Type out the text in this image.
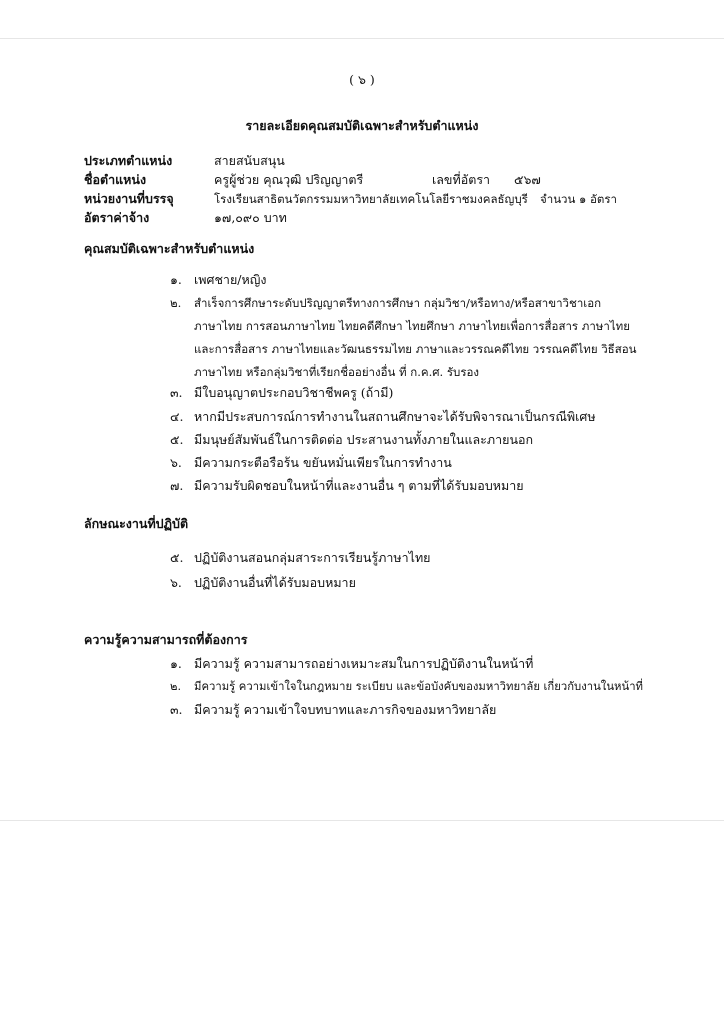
( ๖ )
รายละเอียดคุณสมบัติเฉพาะสำหรับตำแหน่ง
ประเภทตำแหน่ง	สายสนับสนุน
ชื่อตำแหน่ง	ครูผู้ช่วย คุณวุฒิ ปริญญาตรี	เลขที่อัตรา ๕๖๗
หน่วยงานที่บรรจุ	โรงเรียนสาธิตนวัตกรรมมหาวิทยาลัยเทคโนโลยีราชมงคลธัญบุรี จำนวน ๑ อัตรา
อัตราค่าจ้าง	๑๗,๐๙๐ บาท
คุณสมบัติเฉพาะสำหรับตำแหน่ง
๑. เพศชาย/หญิง
๒. สำเร็จการศึกษาระดับปริญญาตรีทางการศึกษา กลุ่มวิชา/หรือทาง/หรือสาขาวิชาเอก
ภาษาไทย การสอนภาษาไทย ไทยคดีศึกษา ไทยศึกษา ภาษาไทยเพื่อการสื่อสาร ภาษาไทย
และการสื่อสาร ภาษาไทยและวัฒนธรรมไทย ภาษาและวรรณคดีไทย วรรณคดีไทย วิธีสอน
ภาษาไทย หรือกลุ่มวิชาที่เรียกชื่ออย่างอื่น ที่ ก.ค.ศ. รับรอง
๓. มีใบอนุญาตประกอบวิชาชีพครู (ถ้ามี)
๔. หากมีประสบการณ์การทำงานในสถานศึกษาจะได้รับพิจารณาเป็นกรณีพิเศษ
๕. มีมนุษย์สัมพันธ์ในการติดต่อ ประสานงานทั้งภายในและภายนอก
๖. มีความกระตือรือร้น ขยันหมั่นเพียรในการทำงาน
๗. มีความรับผิดชอบในหน้าที่และงานอื่น ๆ ตามที่ได้รับมอบหมาย
ลักษณะงานที่ปฏิบัติ
๕. ปฏิบัติงานสอนกลุ่มสาระการเรียนรู้ภาษาไทย
๖. ปฏิบัติงานอื่นที่ได้รับมอบหมาย
ความรู้ความสามารถที่ต้องการ
๑. มีความรู้ ความสามารถอย่างเหมาะสมในการปฏิบัติงานในหน้าที่
๒. มีความรู้ ความเข้าใจในกฎหมาย ระเบียบ และข้อบังคับของมหาวิทยาลัย เกี่ยวกับงานในหน้าที่
๓. มีความรู้ ความเข้าใจบทบาทและภารกิจของมหาวิทยาลัย
